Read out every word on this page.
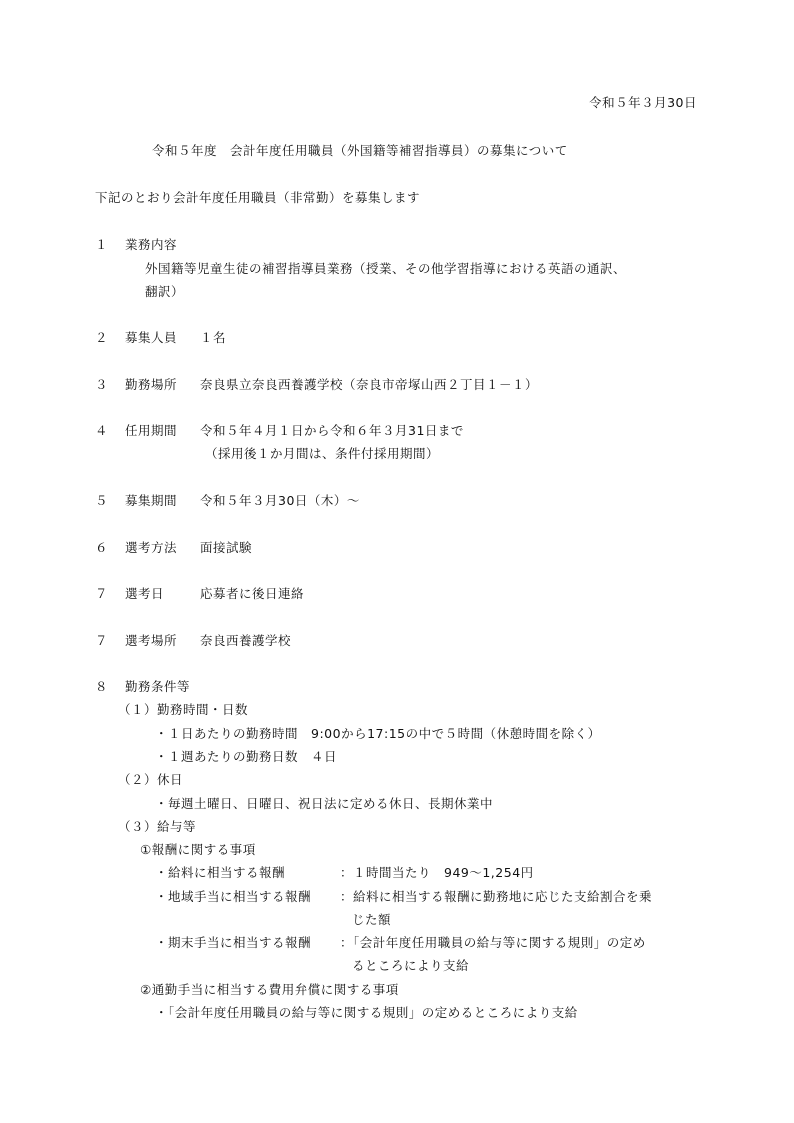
令和５年３月30日
令和５年度　会計年度任用職員（外国籍等補習指導員）の募集について
下記のとおり会計年度任用職員（非常勤）を募集します
１ 業務内容
外国籍等児童生徒の補習指導員業務（授業、その他学習指導における英語の通訳、
翻訳）
２ 募集人員 １名
３ 勤務場所 奈良県立奈良西養護学校（奈良市帝塚山西２丁目１－１）
４ 任用期間 令和５年４月１日から令和６年３月31日まで
（採用後１か月間は、条件付採用期間）
５ 募集期間 令和５年３月30日（木）～
６ 選考方法 面接試験
７ 選考日	応募者に後日連絡
７ 選考場所 奈良西養護学校
８ 勤務条件等
（１）勤務時間・日数
・１日あたりの勤務時間　9:00から17:15の中で５時間（休憩時間を除く）
・１週あたりの勤務日数　４日
（２）休日
・毎週土曜日、日曜日、祝日法に定める休日、長期休業中
（３）給与等
①報酬に関する事項
・給料に相当する報酬	：１時間当たり　949～1,254円
・地域手当に相当する報酬 ：給料に相当する報酬に勤務地に応じた支給割合を乗
じた額
・期末手当に相当する報酬 ：「会計年度任用職員の給与等に関する規則」の定め
るところにより支給
②通勤手当に相当する費用弁償に関する事項
・「会計年度任用職員の給与等に関する規則」の定めるところにより支給
